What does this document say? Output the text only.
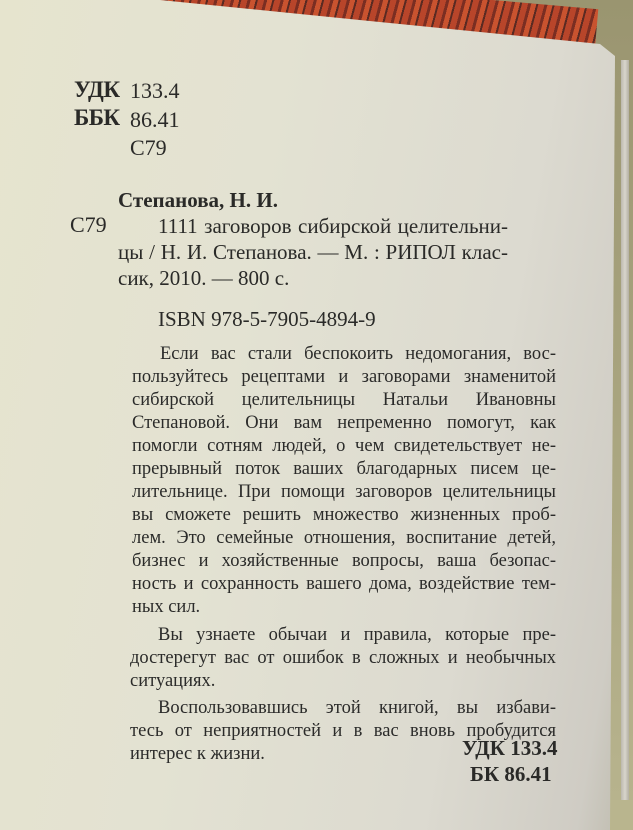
УДК 133.4
ББК 86.41
С79
Степанова, Н. И.
С79 1111 заговоров сибирской целительни-
цы / Н. И. Степанова. — М. : РИПОЛ клас-
сик, 2010. — 800 с.
ISBN 978-5-7905-4894-9
Если вас стали беспокоить недомогания, вос-
пользуйтесь рецептами и заговорами знаменитой
сибирской целительницы Натальи Ивановны
Степановой. Они вам непременно помогут, как
помогли сотням людей, о чем свидетельствует не-
прерывный поток ваших благодарных писем це-
лительнице. При помощи заговоров целительницы
вы сможете решить множество жизненных проб-
лем. Это семейные отношения, воспитание детей,
бизнес и хозяйственные вопросы, ваша безопас-
ность и сохранность вашего дома, воздействие тем-
ных сил.
Вы узнаете обычаи и правила, которые пре-
достерегут вас от ошибок в сложных и необычных
ситуациях.
Воспользовавшись этой книгой, вы избави-
тесь от неприятностей и в вас вновь пробудится
интерес к жизни.	УДК 133.4
БК 86.41
